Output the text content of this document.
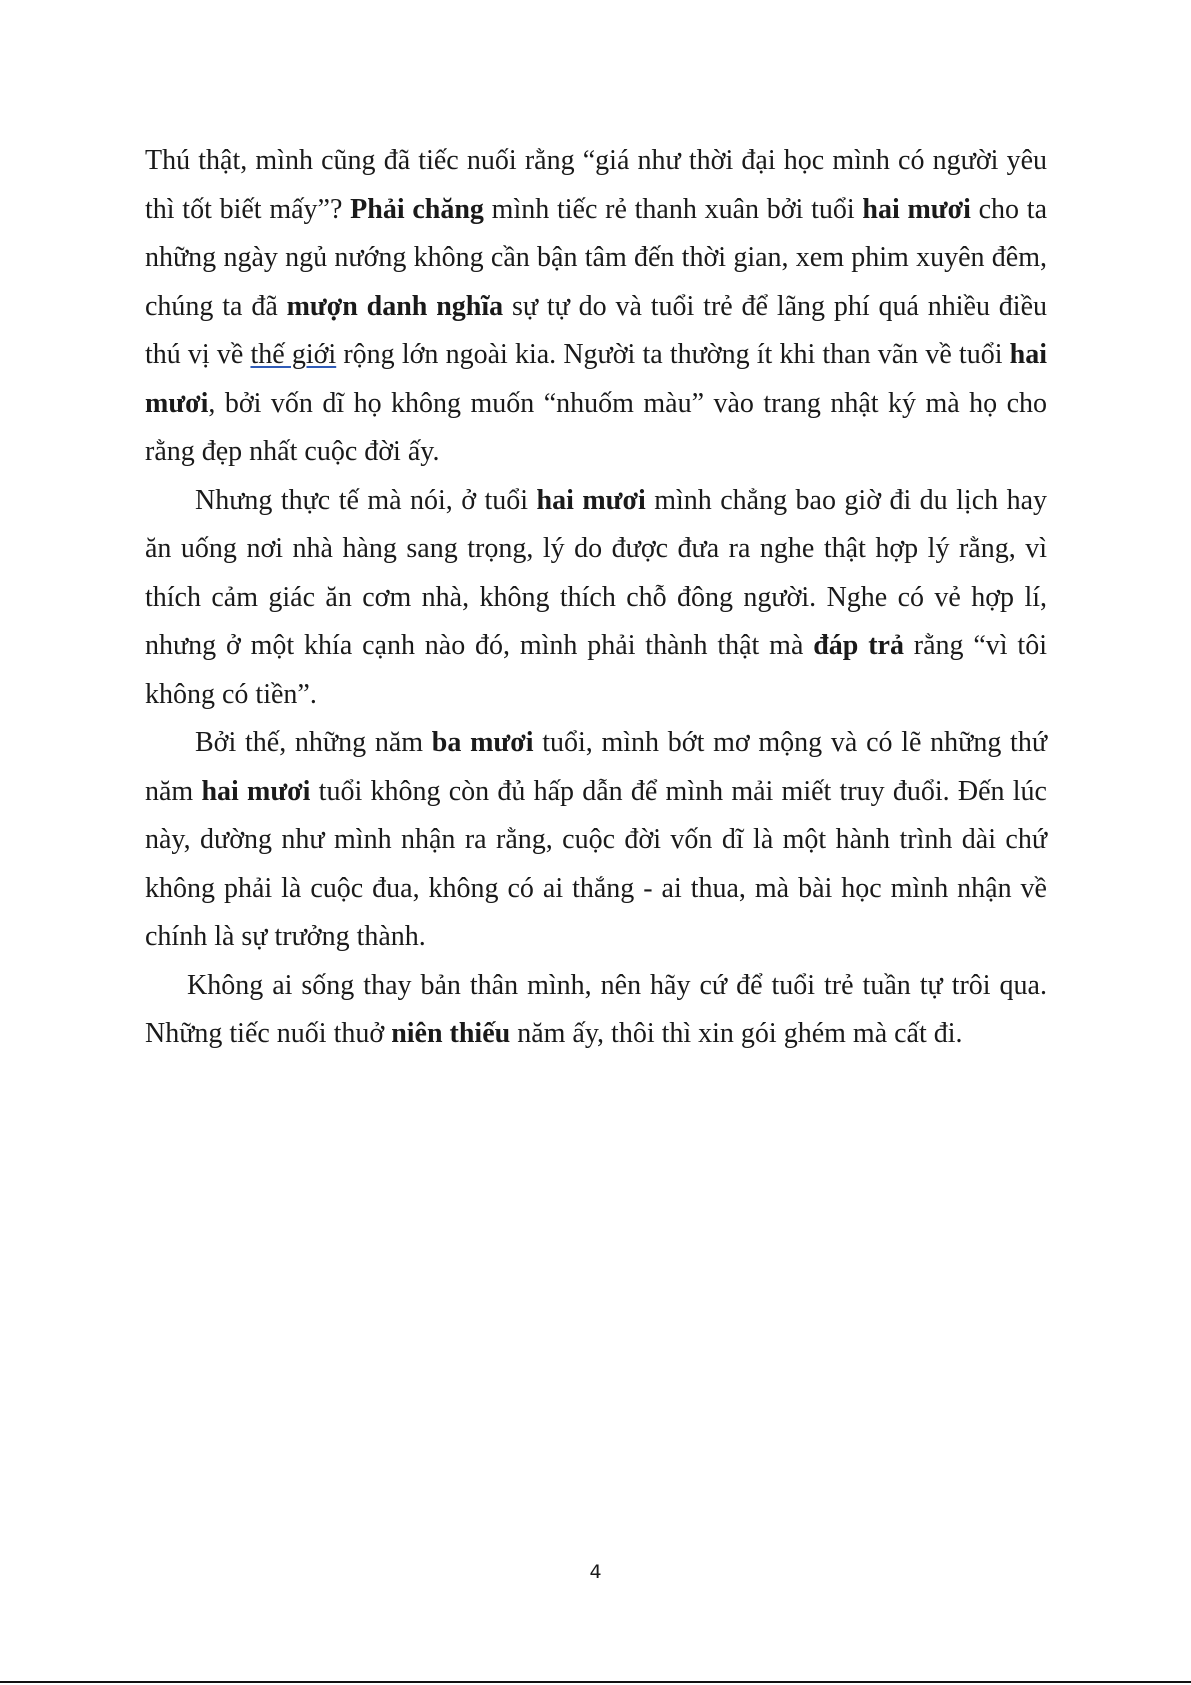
Thú thật, mình cũng đã tiếc nuối rằng “giá như thời đại học mình có người yêu thì tốt biết mấy”? Phải chăng mình tiếc rẻ thanh xuân bởi tuổi hai mươi cho ta những ngày ngủ nướng không cần bận tâm đến thời gian, xem phim xuyên đêm, chúng ta đã mượn danh nghĩa sự tự do và tuổi trẻ để lãng phí quá nhiều điều thú vị về thế giới rộng lớn ngoài kia. Người ta thường ít khi than vãn về tuổi hai mươi, bởi vốn dĩ họ không muốn “nhuốm màu” vào trang nhật ký mà họ cho rằng đẹp nhất cuộc đời ấy.

Nhưng thực tế mà nói, ở tuổi hai mươi mình chẳng bao giờ đi du lịch hay ăn uống nơi nhà hàng sang trọng, lý do được đưa ra nghe thật hợp lý rằng, vì thích cảm giác ăn cơm nhà, không thích chỗ đông người. Nghe có vẻ hợp lí, nhưng ở một khía cạnh nào đó, mình phải thành thật mà đáp trả rằng “vì tôi không có tiền”.

Bởi thế, những năm ba mươi tuổi, mình bớt mơ mộng và có lẽ những thứ năm hai mươi tuổi không còn đủ hấp dẫn để mình mải miết truy đuổi. Đến lúc này, dường như mình nhận ra rằng, cuộc đời vốn dĩ là một hành trình dài chứ không phải là cuộc đua, không có ai thắng - ai thua, mà bài học mình nhận về chính là sự trưởng thành.

Không ai sống thay bản thân mình, nên hãy cứ để tuổi trẻ tuần tự trôi qua. Những tiếc nuối thuở niên thiếu năm ấy, thôi thì xin gói ghém mà cất đi.

4
